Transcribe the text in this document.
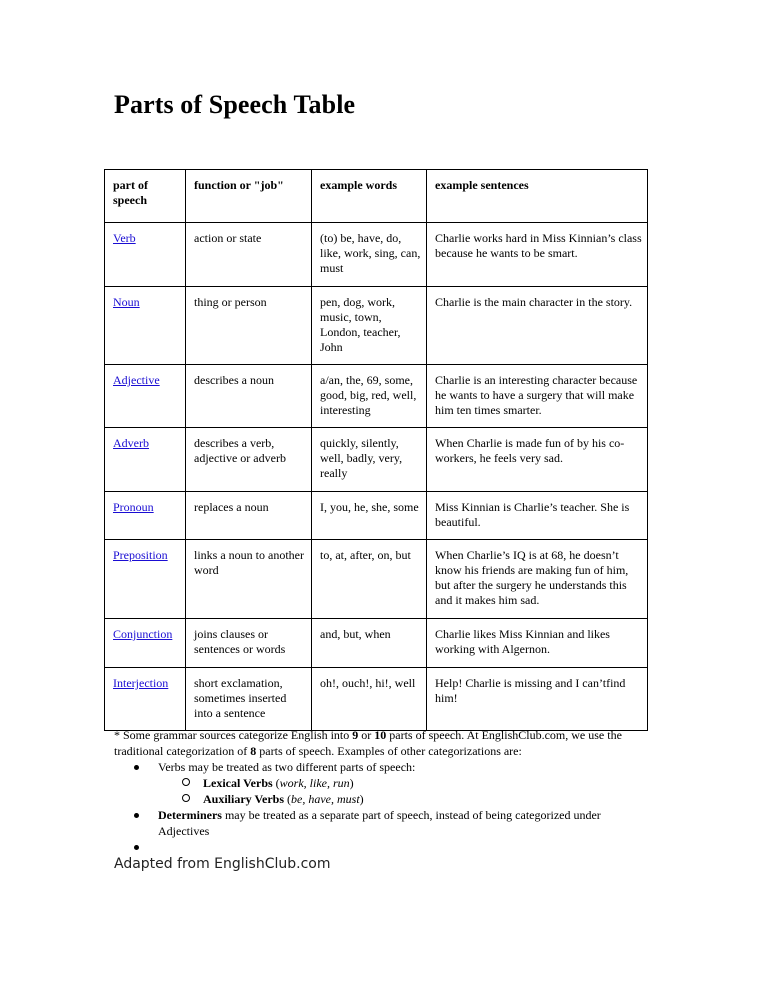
Parts of Speech Table
part of speech	function or "job"	example words	example sentences
Verb	action or state	(to) be, have, do, like, work, sing, can, must	Charlie works hard in Miss Kinnian’s class because he wants to be smart.
Noun	thing or person	pen, dog, work, music, town, London, teacher, John	Charlie is the main character in the story.
Adjective	describes a noun	a/an, the, 69, some, good, big, red, well, interesting	Charlie is an interesting character because he wants to have a surgery that will make him ten times smarter.
Adverb	describes a verb, adjective or adverb	quickly, silently, well, badly, very, really	When Charlie is made fun of by his co-workers, he feels very sad.
Pronoun	replaces a noun	I, you, he, she, some	Miss Kinnian is Charlie’s teacher. She is beautiful.
Preposition	links a noun to another word	to, at, after, on, but	When Charlie’s IQ is at 68, he doesn’t know his friends are making fun of him, but after the surgery he understands this and it makes him sad.
Conjunction	joins clauses or sentences or words	and, but, when	Charlie likes Miss Kinnian and likes working with Algernon.
Interjection	short exclamation, sometimes inserted into a sentence	oh!, ouch!, hi!, well	Help! Charlie is missing and I can’tfind him!

* Some grammar sources categorize English into 9 or 10 parts of speech. At EnglishClub.com, we use the traditional categorization of 8 parts of speech. Examples of other categorizations are:

Verbs may be treated as two different parts of speech:
Lexical Verbs (work, like, run)
Auxiliary Verbs (be, have, must)
Determiners may be treated as a separate part of speech, instead of being categorized under Adjectives

Adapted from EnglishClub.com
